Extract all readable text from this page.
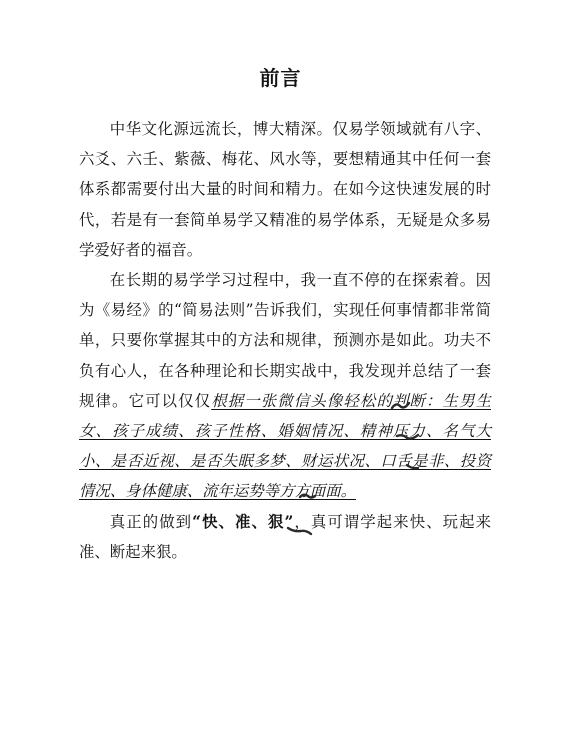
前言

中华文化源远流长，博大精深。仅易学领域就有八字、六爻、六壬、紫薇、梅花、风水等，要想精通其中任何一套体系都需要付出大量的时间和精力。在如今这快速发展的时代，若是有一套简单易学又精准的易学体系，无疑是众多易学爱好者的福音。

在长期的易学学习过程中，我一直不停的在探索着。因为《易经》的“简易法则”告诉我们，实现任何事情都非常简单，只要你掌握其中的方法和规律，预测亦是如此。功夫不负有心人，在各种理论和长期实战中，我发现并总结了一套规律。它可以仅仅根据一张微信头像轻松的判断：生男生女、孩子成绩、孩子性格、婚姻情况、精神压力、名气大小、是否近视、是否失眠多梦、财运状况、口舌是非、投资情况、身体健康、流年运势等方方面面。

真正的做到“快、准、狠”，真可谓学起来快、玩起来准、断起来狠。
